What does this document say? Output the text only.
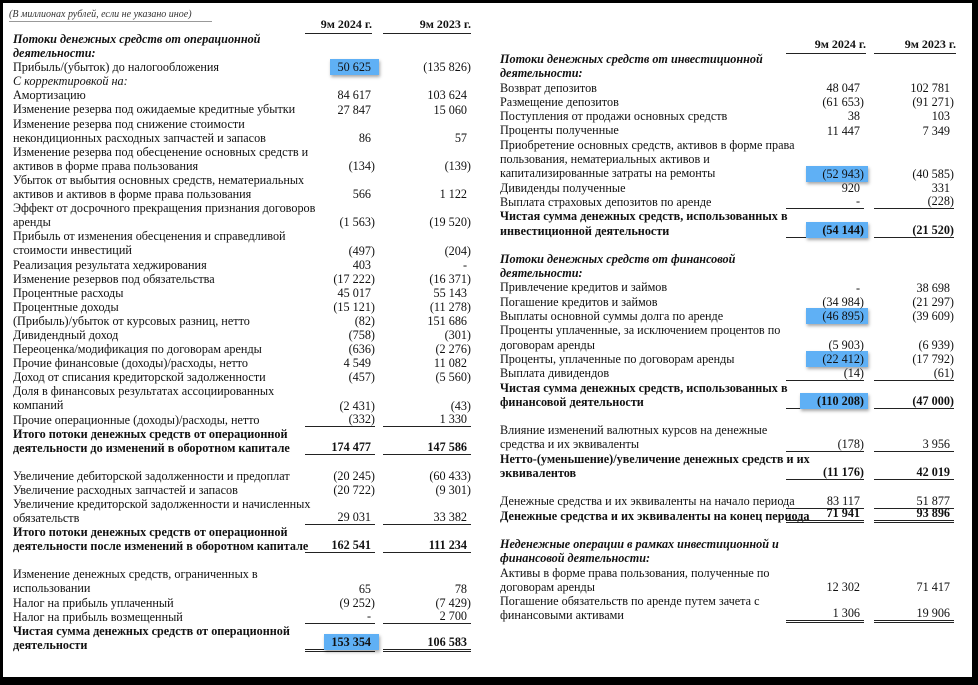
(В миллионах рублей, если не указано иное)
9м 2024 г.	9м 2023 г.
9м 2024 г.	9м 2023 г.
Потоки денежных средств от операционной
деятельности:
Прибыль/(убыток) до налогообложения	50 625	(135 826)
С корректировкой на:
Амортизацию	84 617	103 624
Изменение резерва под ожидаемые кредитные убытки	27 847	15 060
Изменение резерва под снижение стоимости
некондиционных расходных запчастей и запасов	86	57
Изменение резерва под обесценение основных средств и
активов в форме права пользования	(134)	(139)
Убыток от выбытия основных средств, нематериальных
активов и активов в форме права пользования	566	1 122
Эффект от досрочного прекращения признания договоров
аренды	(1 563)	(19 520)
Прибыль от изменения обесценения и справедливой
стоимости инвестиций	(497)	(204)
Реализация результата хеджирования	403	-
Изменение резервов под обязательства	(17 222)	(16 371)
Процентные расходы	45 017	55 143
Процентные доходы	(15 121)	(11 278)
(Прибыль)/убыток от курсовых разниц, нетто	(82)	151 686
Дивидендный доход	(758)	(301)
Переоценка/модификация по договорам аренды	(636)	(2 276)
Прочие финансовые (доходы)/расходы, нетто	4 549	11 082
Доход от списания кредиторской задолженности	(457)	(5 560)
Доля в финансовых результатах ассоциированных
компаний	(2 431)	(43)
Прочие операционные (доходы)/расходы, нетто	(332)	1 330
Итого потоки денежных средств от операционной
деятельности до изменений в оборотном капитале	174 477	147 586
Увеличение дебиторской задолженности и предоплат	(20 245)	(60 433)
Увеличение расходных запчастей и запасов	(20 722)	(9 301)
Увеличение кредиторской задолженности и начисленных
обязательств	29 031	33 382
Итого потоки денежных средств от операционной
деятельности после изменений в оборотном капитале	162 541	111 234
Изменение денежных средств, ограниченных в
использовании	65	78
Налог на прибыль уплаченный	(9 252)	(7 429)
Налог на прибыль возмещенный	-	2 700
Чистая сумма денежных средств от операционной
деятельности	153 354	106 583
Потоки денежных средств от инвестиционной
деятельности:
Возврат депозитов	48 047	102 781
Размещение депозитов	(61 653)	(91 271)
Поступления от продажи основных средств	38	103
Проценты полученные	11 447	7 349
Приобретение основных средств, активов в форме права
пользования, нематериальных активов и
капитализированные затраты на ремонты	(52 943)	(40 585)
Дивиденды полученные	920	331
Выплата страховых депозитов по аренде	-	(228)
Чистая сумма денежных средств, использованных в
инвестиционной деятельности	(54 144)	(21 520)
Потоки денежных средств от финансовой
деятельности:
Привлечение кредитов и займов	-	38 698
Погашение кредитов и займов	(34 984)	(21 297)
Выплаты основной суммы долга по аренде	(46 895)	(39 609)
Проценты уплаченные, за исключением процентов по
договорам аренды	(5 903)	(6 939)
Проценты, уплаченные по договорам аренды	(22 412)	(17 792)
Выплата дивидендов	(14)	(61)
Чистая сумма денежных средств, использованных в
финансовой деятельности	(110 208)	(47 000)
Влияние изменений валютных курсов на денежные
средства и их эквиваленты	(178)	3 956
Нетто-(уменьшение)/увеличение денежных средств и их
эквивалентов	(11 176)	42 019
Денежные средства и их эквиваленты на начало периода	83 117	51 877
Денежные средства и их эквиваленты на конец периода	71 941	93 896
Неденежные операции в рамках инвестиционной и
финансовой деятельности:
Активы в форме права пользования, полученные по
договорам аренды	12 302	71 417
Погашение обязательств по аренде путем зачета с
финансовыми активами	1 306	19 906
